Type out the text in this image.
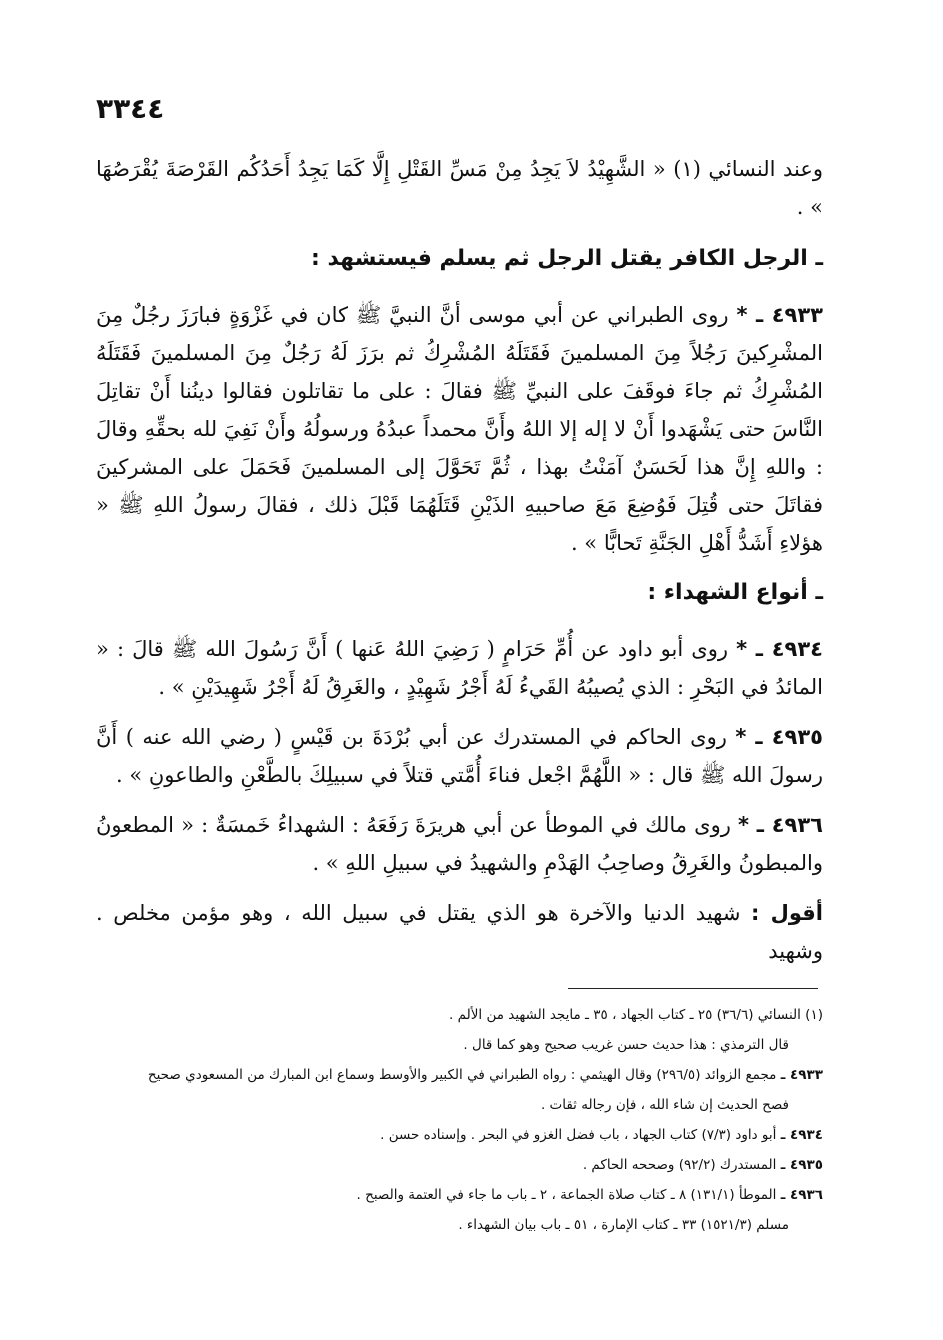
٣٣٤٤

وعند النسائي (١) « الشَّهِيْدُ لاَ يَجِدُ مِنْ مَسِّ القَتْلِ إِلَّا كَمَا يَجِدُ أَحَدُكُم القَرْصَةَ يُقْرَصُهَا » .

ـ الرجل الكافر يقتل الرجل ثم يسلم فيستشهد :

٤٩٣٣ ـ * روى الطبراني عن أبي موسى أنَّ النبيَّ ﷺ كان في غَزْوَةٍ فبارَزَ رجُلٌ مِنَ المشْرِكينَ رَجُلاً مِنَ المسلمينَ فَقَتَلَهُ المُشْرِكُ ثم برَزَ لَهُ رَجُلٌ مِنَ المسلمينَ فَقَتَلَهُ المُشْرِكُ ثم جاءَ فوقَفَ على النبيِّ ﷺ فقالَ : على ما تقاتلون فقالوا دينُنا أَنْ تقاتِلَ النَّاسَ حتى يَشْهَدوا أَنْ لا إله إلا اللهُ وأَنَّ محمداً عبدُهُ ورسولُهُ وأَنْ نَفِيَ لله بحقِّهِ وقالَ : واللهِ إِنَّ هذا لَحَسَنٌ آمَنْتُ بهذا ، ثُمَّ تَحَوَّلَ إلى المسلمينَ فَحَمَلَ على المشركينَ فقاتَلَ حتى قُتِلَ فَوُضِعَ مَعَ صاحبيهِ الذَيْنِ قَتَلَهُمَا قَبْلَ ذلك ، فقالَ رسولُ اللهِ ﷺ « هؤلاءِ أَشَدُّ أَهْلِ الجَنَّةِ تَحابًّا » .

ـ أنواع الشهداء :

٤٩٣٤ ـ * روى أبو داود عن أُمِّ حَرَامٍ ( رَضِيَ اللهُ عَنها ) أَنَّ رَسُولَ الله ﷺ قالَ : « المائدُ في البَحْرِ : الذي يُصيبُهُ القَيءُ لَهُ أَجْرُ شَهِيْدٍ ، والغَرِقُ لَهُ أَجْرُ شَهِيدَيْنِ » .

٤٩٣٥ ـ * روى الحاكم في المستدرك عن أبي بُرْدَةَ بن قَيْسٍ ( رضي الله عنه ) أَنَّ رسولَ الله ﷺ قال : « اللَّهُمَّ اجْعل فناءَ أُمَّتي قتلاً في سبيلِكَ بالطَّعْنِ والطاعونِ » .

٤٩٣٦ ـ * روى مالك في الموطأ عن أبي هريرَةَ رَفَعَهُ : الشهداءُ خَمسَةٌ : « المطعونُ والمبطونُ والغَرِقُ وصاحِبُ الهَدْمِ والشهيدُ في سبيلِ اللهِ » .

أقول : شهيد الدنيا والآخرة هو الذي يقتل في سبيل الله ، وهو مؤمن مخلص . وشهيد

(١) النسائي (٣٦/٦) ٢٥ ـ كتاب الجهاد ، ٣٥ ـ مايجد الشهيد من الألم .

قال الترمذي : هذا حديث حسن غريب صحيح وهو كما قال .

٤٩٣٣ ـ مجمع الزوائد (٢٩٦/٥) وقال الهيثمي : رواه الطبراني في الكبير والأوسط وسماع ابن المبارك من المسعودي صحيح

فصح الحديث إن شاء الله ، فإن رجاله ثقات .

٤٩٣٤ ـ أبو داود (٧/٣) كتاب الجهاد ، باب فضل الغزو في البحر . وإسناده حسن .

٤٩٣٥ ـ المستدرك (٩٢/٢) وصححه الحاكم .

٤٩٣٦ ـ الموطأ (١٣١/١) ٨ ـ كتاب صلاة الجماعة ، ٢ ـ باب ما جاء في العتمة والصبح .

مسلم (١٥٢١/٣) ٣٣ ـ كتاب الإمارة ، ٥١ ـ باب بيان الشهداء .
